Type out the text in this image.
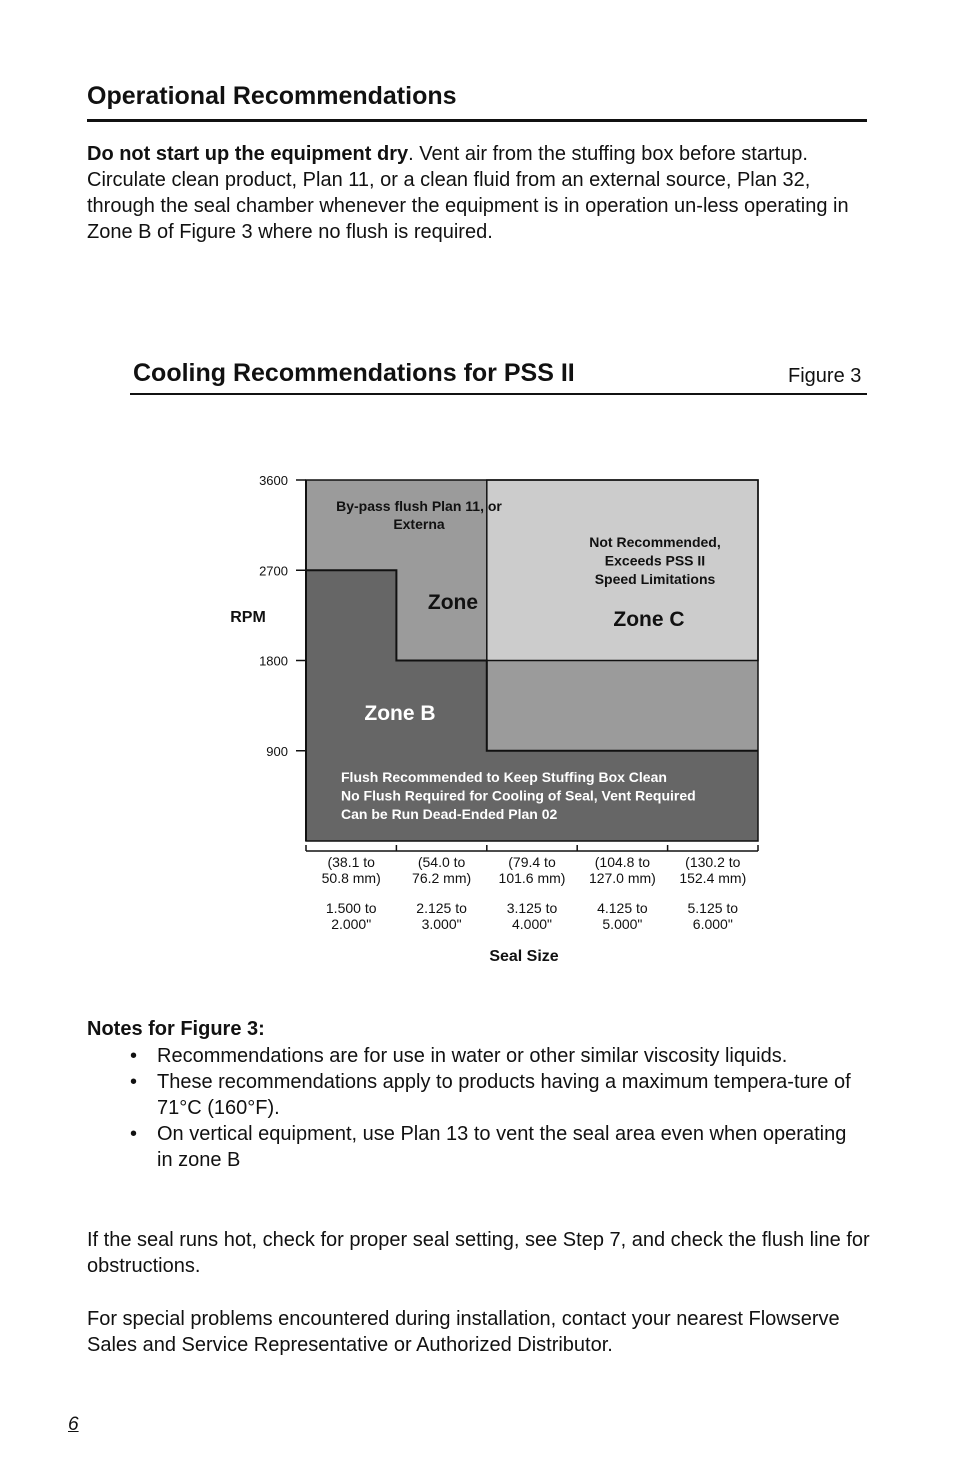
Operational Recommendations

Do not start up the equipment dry. Vent air from the stuffing box before startup. Circulate clean product, Plan 11, or a clean fluid from an external source, Plan 32, through the seal chamber whenever the equipment is in operation un-less operating in Zone B of Figure 3 where no flush is required.

Cooling Recommendations for PSS II	Figure 3
3600
2700
1800
900
RPM
(38.1 to 50.8 mm)
1.500 to 2.000"
(54.0 to 76.2 mm)
2.125 to 3.000"
(79.4 to 101.6 mm)
3.125 to 4.000"
(104.8 to 127.0 mm)
4.125 to 5.000"
(130.2 to 152.4 mm)
5.125 to 6.000"
Seal Size
By-pass flush Plan 11, or Externa
Zone
Not Recommended, Exceeds PSS II Speed Limitations
Zone C
Zone B
Flush Recommended to Keep Stuffing Box Clean No Flush Required for Cooling of Seal, Vent Required Can be Run Dead-Ended Plan 02
Notes for Figure 3:
• Recommendations are for use in water or other similar viscosity liquids.
• These recommendations apply to products having a maximum tempera-ture of 71°C (160°F).
• On vertical equipment, use Plan 13 to vent the seal area even when operating in zone B

If the seal runs hot, check for proper seal setting, see Step 7, and check the flush line for obstructions.

For special problems encountered during installation, contact your nearest Flowserve Sales and Service Representative or Authorized Distributor.

6
